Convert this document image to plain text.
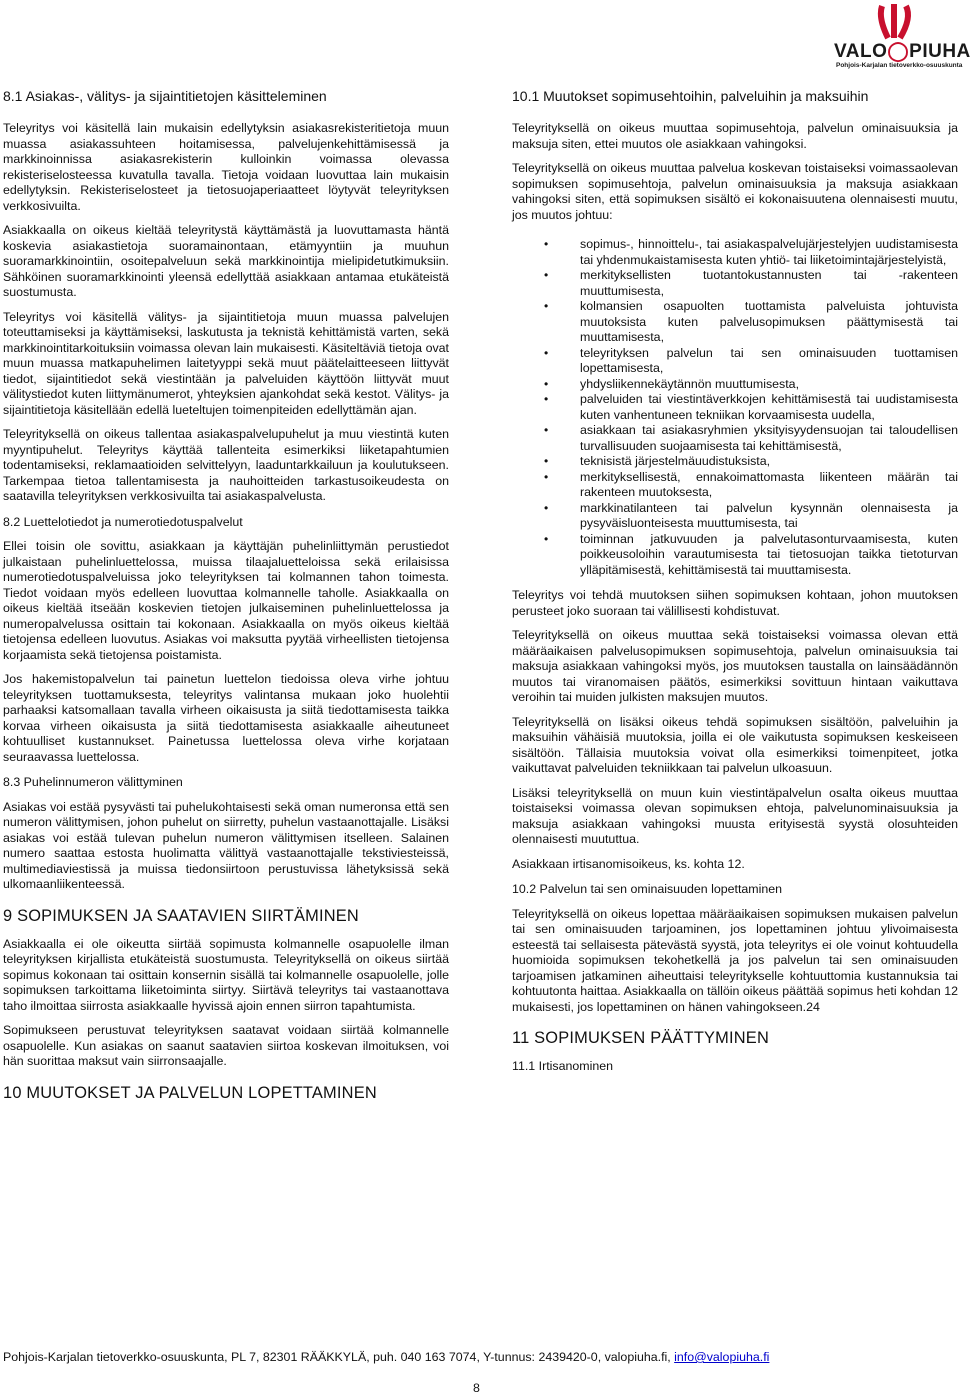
VALO◯PIUHA
Pohjois-Karjalan tietoverkko-osuuskunta
8.1 Asiakas-, välitys- ja sijaintitietojen käsitteleminen

Teleyritys voi käsitellä lain mukaisin edellytyksin asiakasrekisteritietoja muun muassa asiakassuhteen hoitamisessa, palvelujenkehittämisessä ja markkinoinnissa asiakasrekisterin kulloinkin voimassa olevassa rekisteriselosteessa kuvatulla tavalla. Tietoja voidaan luovuttaa lain mukaisin edellytyksin. Rekisteriselosteet ja tietosuojaperiaatteet löytyvät teleyrityksen verkkosivuilta.

Asiakkaalla on oikeus kieltää teleyritystä käyttämästä ja luovuttamasta häntä koskevia asiakastietoja suoramainontaan, etämyyntiin ja muuhun suoramarkkinointiin, osoitepalveluun sekä markkinointija mielipidetutkimuksiin. Sähköinen suoramarkkinointi yleensä edellyttää asiakkaan antamaa etukäteistä suostumusta.

Teleyritys voi käsitellä välitys- ja sijaintitietoja muun muassa palvelujen toteuttamiseksi ja käyttämiseksi, laskutusta ja teknistä kehittämistä varten, sekä markkinointitarkoituksiin voimassa olevan lain mukaisesti. Käsiteltäviä tietoja ovat muun muassa matkapuhelimen laitetyyppi sekä muut päätelaitteeseen liittyvät tiedot, sijaintitiedot sekä viestintään ja palveluiden käyttöön liittyvät muut välitystiedot kuten liittymänumerot, yhteyksien ajankohdat sekä kestot. Välitys- ja sijaintitietoja käsitellään edellä lueteltujen toimenpiteiden edellyttämän ajan.

Teleyrityksellä on oikeus tallentaa asiakaspalvelupuhelut ja muu viestintä kuten myyntipuhelut. Teleyritys käyttää tallenteita esimerkiksi liiketapahtumien todentamiseksi, reklamaatioiden selvittelyyn, laaduntarkkailuun ja koulutukseen. Tarkempaa tietoa tallentamisesta ja nauhoitteiden tarkastusoikeudesta on saatavilla teleyrityksen verkkosivuilta tai asiakaspalvelusta.

8.2 Luettelotiedot ja numerotiedotuspalvelut

Ellei toisin ole sovittu, asiakkaan ja käyttäjän puhelinliittymän perustiedot julkaistaan puhelinluettelossa, muissa tilaajaluetteloissa sekä erilaisissa numerotiedotuspalveluissa joko teleyrityksen tai kolmannen tahon toimesta. Tiedot voidaan myös edelleen luovuttaa kolmannelle taholle. Asiakkaalla on oikeus kieltää itseään koskevien tietojen julkaiseminen puhelinluettelossa ja numeropalvelussa osittain tai kokonaan. Asiakkaalla on myös oikeus kieltää tietojensa edelleen luovutus. Asiakas voi maksutta pyytää virheellisten tietojensa korjaamista sekä tietojensa poistamista.

Jos hakemistopalvelun tai painetun luettelon tiedoissa oleva virhe johtuu teleyrityksen tuottamuksesta, teleyritys valintansa mukaan joko huolehtii parhaaksi katsomallaan tavalla virheen oikaisusta ja siitä tiedottamisesta taikka korvaa virheen oikaisusta ja siitä tiedottamisesta asiakkaalle aiheutuneet kohtuulliset kustannukset. Painetussa luettelossa oleva virhe korjataan seuraavassa luettelossa.

8.3 Puhelinnumeron välittyminen

Asiakas voi estää pysyvästi tai puhelukohtaisesti sekä oman numeronsa että sen numeron välittymisen, johon puhelut on siirretty, puhelun vastaanottajalle. Lisäksi asiakas voi estää tulevan puhelun numeron välittymisen itselleen. Salainen numero saattaa estosta huolimatta välittyä vastaanottajalle tekstiviesteissä, multimediaviestissä ja muissa tiedonsiirtoon perustuvissa lähetyksissä sekä ulkomaanliikenteessä.

9 SOPIMUKSEN JA SAATAVIEN SIIRTÄMINEN

Asiakkaalla ei ole oikeutta siirtää sopimusta kolmannelle osapuolelle ilman teleyrityksen kirjallista etukäteistä suostumusta. Teleyrityksellä on oikeus siirtää sopimus kokonaan tai osittain konsernin sisällä tai kolmannelle osapuolelle, jolle sopimuksen tarkoittama liiketoiminta siirtyy. Siirtävä teleyritys tai vastaanottava taho ilmoittaa siirrosta asiakkaalle hyvissä ajoin ennen siirron tapahtumista.

Sopimukseen perustuvat teleyrityksen saatavat voidaan siirtää kolmannelle osapuolelle. Kun asiakas on saanut saatavien siirtoa koskevan ilmoituksen, voi hän suorittaa maksut vain siirronsaajalle.

10 MUUTOKSET JA PALVELUN LOPETTAMINEN
10.1 Muutokset sopimusehtoihin, palveluihin ja maksuihin

Teleyrityksellä on oikeus muuttaa sopimusehtoja, palvelun ominaisuuksia ja maksuja siten, ettei muutos ole asiakkaan vahingoksi.

Teleyrityksellä on oikeus muuttaa palvelua koskevan toistaiseksi voimassaolevan sopimuksen sopimusehtoja, palvelun ominaisuuksia ja maksuja asiakkaan vahingoksi siten, että sopimuksen sisältö ei kokonaisuutena olennaisesti muutu, jos muutos johtuu:

• sopimus-, hinnoittelu-, tai asiakaspalvelujärjestelyjen uudistamisesta tai yhdenmukaistamisesta kuten yhtiö- tai liiketoimintajärjestelyistä,
• merkityksellisten tuotantokustannusten tai -rakenteen muuttumisesta,
• kolmansien osapuolten tuottamista palveluista johtuvista muutoksista kuten palvelusopimuksen päättymisestä tai muuttamisesta,
• teleyrityksen palvelun tai sen ominaisuuden tuottamisen lopettamisesta,
• yhdysliikennekäytännön muuttumisesta,
• palveluiden tai viestintäverkkojen kehittämisestä tai uudistamisesta kuten vanhentuneen tekniikan korvaamisesta uudella,
• asiakkaan tai asiakasryhmien yksityisyydensuojan tai taloudellisen turvallisuuden suojaamisesta tai kehittämisestä,
• teknisistä järjestelmäuudistuksista,
• merkityksellisestä, ennakoimattomasta liikenteen määrän tai rakenteen muutoksesta,
• markkinatilanteen tai palvelun kysynnän olennaisesta ja pysyväisluonteisesta muuttumisesta, tai
• toiminnan jatkuvuuden ja palvelutasonturvaamisesta, kuten poikkeusoloihin varautumisesta tai tietosuojan taikka tietoturvan ylläpitämisestä, kehittämisestä tai muuttamisesta.

Teleyritys voi tehdä muutoksen siihen sopimuksen kohtaan, johon muutoksen perusteet joko suoraan tai välillisesti kohdistuvat.

Teleyrityksellä on oikeus muuttaa sekä toistaiseksi voimassa olevan että määräaikaisen palvelusopimuksen sopimusehtoja, palvelun ominaisuuksia tai maksuja asiakkaan vahingoksi myös, jos muutoksen taustalla on lainsäädännön muutos tai viranomaisen päätös, esimerkiksi sovittuun hintaan vaikuttava veroihin tai muiden julkisten maksujen muutos.

Teleyrityksellä on lisäksi oikeus tehdä sopimuksen sisältöön, palveluihin ja maksuihin vähäisiä muutoksia, joilla ei ole vaikutusta sopimuksen keskeiseen sisältöön. Tällaisia muutoksia voivat olla esimerkiksi toimenpiteet, jotka vaikuttavat palveluiden tekniikkaan tai palvelun ulkoasuun.

Lisäksi teleyrityksellä on muun kuin viestintäpalvelun osalta oikeus muuttaa toistaiseksi voimassa olevan sopimuksen ehtoja, palvelunominaisuuksia ja maksuja asiakkaan vahingoksi muusta erityisestä syystä olosuhteiden olennaisesti muututtua.

Asiakkaan irtisanomisoikeus, ks. kohta 12.

10.2 Palvelun tai sen ominaisuuden lopettaminen

Teleyrityksellä on oikeus lopettaa määräaikaisen sopimuksen mukaisen palvelun tai sen ominaisuuden tarjoaminen, jos lopettaminen johtuu ylivoimaisesta esteestä tai sellaisesta pätevästä syystä, jota teleyritys ei ole voinut kohtuudella huomioida sopimuksen tekohetkellä ja jos palvelun tai sen ominaisuuden tarjoamisen jatkaminen aiheuttaisi teleyritykselle kohtuuttomia kustannuksia tai kohtuutonta haittaa. Asiakkaalla on tällöin oikeus päättää sopimus heti kohdan 12 mukaisesti, jos lopettaminen on hänen vahingokseen.24

11 SOPIMUKSEN PÄÄTTYMINEN
11.1 Irtisanominen
Pohjois-Karjalan tietoverkko-osuuskunta, PL 7, 82301 RÄÄKKYLÄ, puh. 040 163 7074, Y-tunnus: 2439420-0, valopiuha.fi, info@valopiuha.fi
8
